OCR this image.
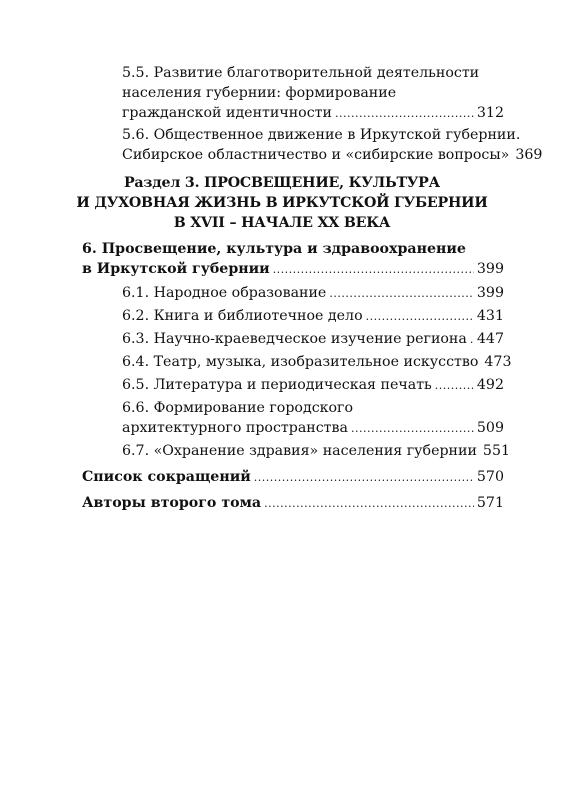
5.5. Развитие благотворительной деятельности
населения губернии: формирование
гражданской идентичности .....	312
5.6. Общественное движение в Иркутской губернии.
Сибирское областничество и «сибирские вопросы» 369
Раздел 3. ПРОСВЕЩЕНИЕ, КУЛЬТУРА
И ДУХОВНАЯ ЖИЗНЬ В ИРКУТСКОЙ ГУБЕРНИИ
В XVII – НАЧАЛЕ XX ВЕКА
6. Просвещение, культура и здравоохранение
в Иркутской губернии .....	399
6.1. Народное образование .....	399
6.2. Книга и библиотечное дело .....	431
6.3. Научно-краеведческое изучение региона ..... 447
6.4. Театр, музыка, изобразительное искусство 473
6.5. Литература и периодическая печать .....	492
6.6. Формирование городского
архитектурного пространства .....	509
6.7. «Охранение здравия» населения губернии 551
Список сокращений .....	570
Авторы второго тома .....	571
